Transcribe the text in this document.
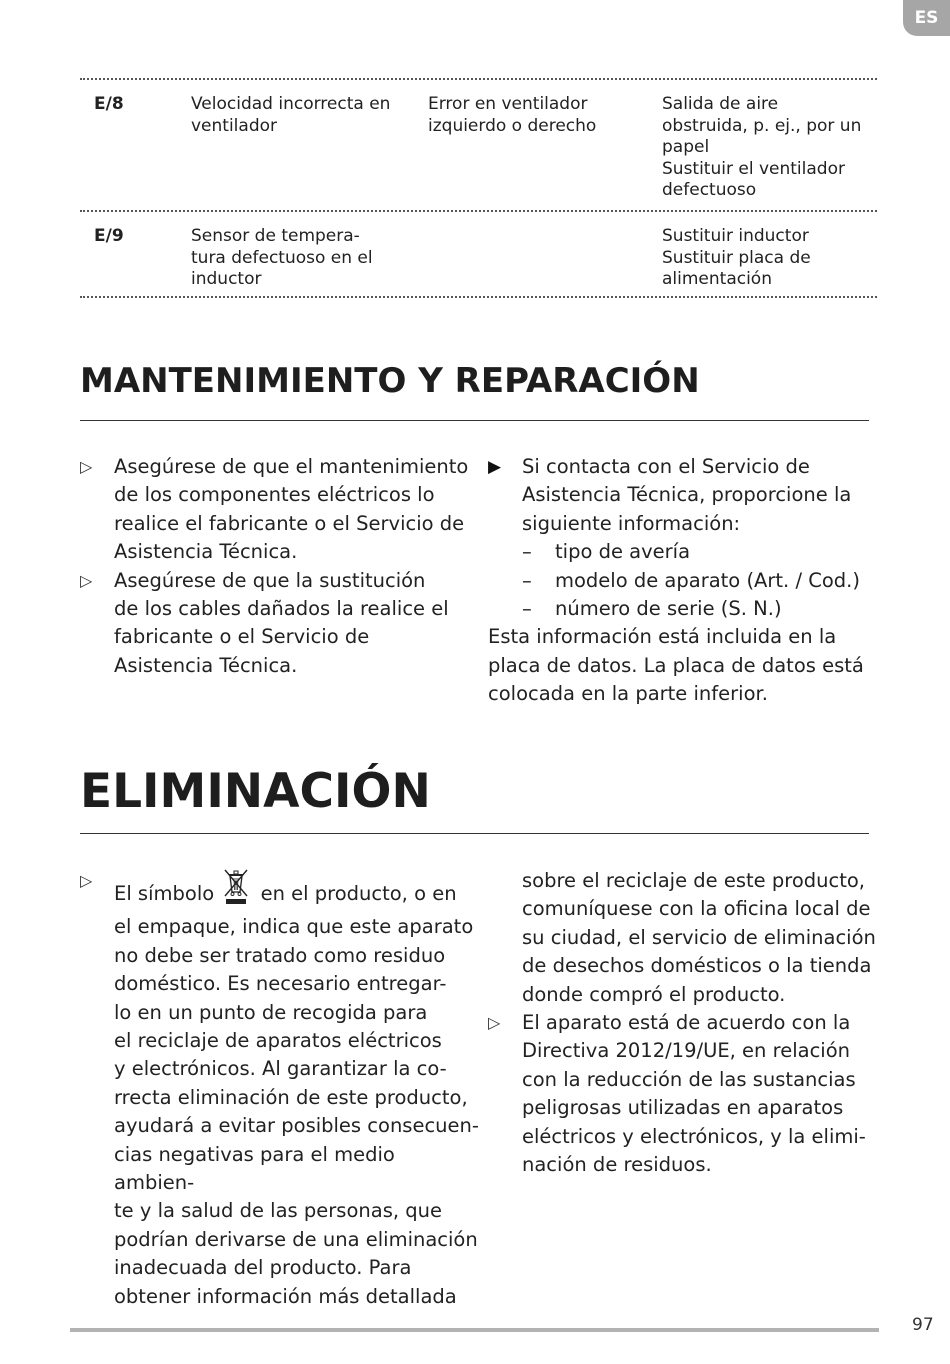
ES
E/8	Velocidad incorrecta en
ventilador
Error en ventilador
izquierdo o derecho
Salida de aire
obstruida, p. ej., por un
papel
Sustituir el ventilador
defectuoso
E/9	Sensor de tempera-
tura defectuoso en el
inductor
Sustituir inductor
Sustituir placa de
alimentación
MANTENIMIENTO Y REPARACIÓN
▷ Asegúrese de que el mantenimiento
de los componentes eléctricos lo
realice el fabricante o el Servicio de
Asistencia Técnica.
▷ Asegúrese de que la sustitución
de los cables dañados la realice el
fabricante o el Servicio de
Asistencia Técnica.
▶ Si contacta con el Servicio de
Asistencia Técnica, proporcione la
siguiente información:
– tipo de avería
– modelo de aparato (Art. / Cod.)
– número de serie (S. N.)
Esta información está incluida en la
placa de datos. La placa de datos está
colocada en la parte inferior.
ELIMINACIÓN
▷
El símbolo  en el producto, o en
el empaque, indica que este aparato
no debe ser tratado como residuo
doméstico. Es necesario entregar-
lo en un punto de recogida para
el reciclaje de aparatos eléctricos
y electrónicos. Al garantizar la co-
rrecta eliminación de este producto,
ayudará a evitar posibles consecuen-
cias negativas para el medio ambien-
te y la salud de las personas, que
podrían derivarse de una eliminación
inadecuada del producto. Para
obtener información más detallada
sobre el reciclaje de este producto,
comuníquese con la oficina local de
su ciudad, el servicio de eliminación
de desechos domésticos o la tienda
donde compró el producto.
▷ El aparato está de acuerdo con la
Directiva 2012/19/UE, en relación
con la reducción de las sustancias
peligrosas utilizadas en aparatos
eléctricos y electrónicos, y la elimi-
nación de residuos.
97
